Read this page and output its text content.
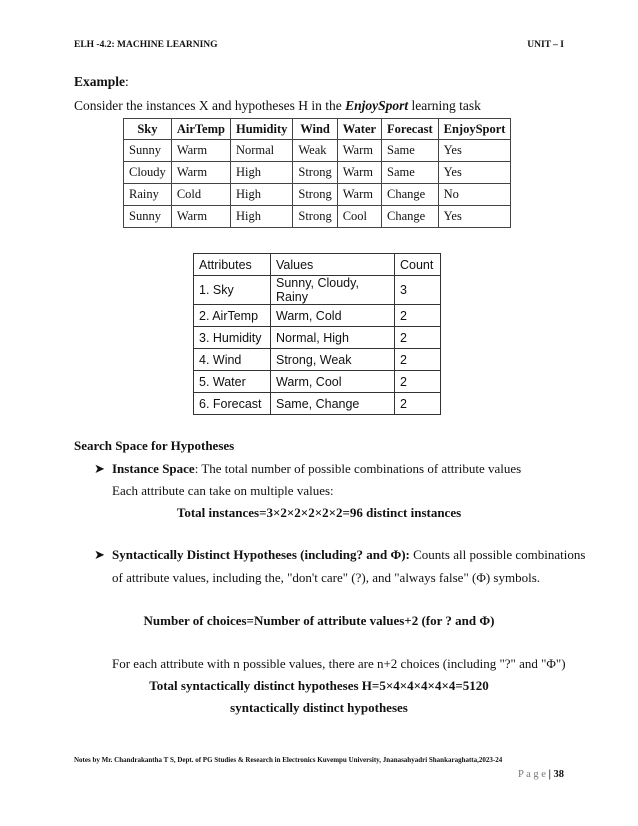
ELH -4.2: MACHINE LEARNING	UNIT – I
Example:
Consider the instances X and hypotheses H in the EnjoySport learning task
Sky	AirTemp	Humidity	Wind	Water	Forecast	EnjoySport
Sunny	Warm	Normal	Weak	Warm	Same	Yes
Cloudy	Warm	High	Strong	Warm	Same	Yes
Rainy	Cold	High	Strong	Warm	Change	No
Sunny	Warm	High	Strong	Cool	Change	Yes
Attributes	Values	Count
1. Sky	Sunny, Cloudy, Rainy	3
2. AirTemp	Warm, Cold	2
3. Humidity	Normal, High	2
4. Wind	Strong, Weak	2
5. Water	Warm, Cool	2
6. Forecast	Same, Change	2
Search Space for Hypotheses
➤ Instance Space: The total number of possible combinations of attribute values
Each attribute can take on multiple values:
Total instances=3×2×2×2×2×2=96 distinct instances
➤ Syntactically Distinct Hypotheses (including? and Φ): Counts all possible combinations
of attribute values, including the, "don't care" (?), and "always false" (Φ) symbols.
Number of choices=Number of attribute values+2 (for ? and Φ)
For each attribute with n possible values, there are n+2 choices (including "?" and "Φ")
Total syntactically distinct hypotheses H=5×4×4×4×4×4=5120
syntactically distinct hypotheses
Notes by Mr. Chandrakantha T S, Dept. of PG Studies & Research in Electronics Kuvempu University, Jnanasahyadri Shankaraghatta,2023-24
P a g e | 38
